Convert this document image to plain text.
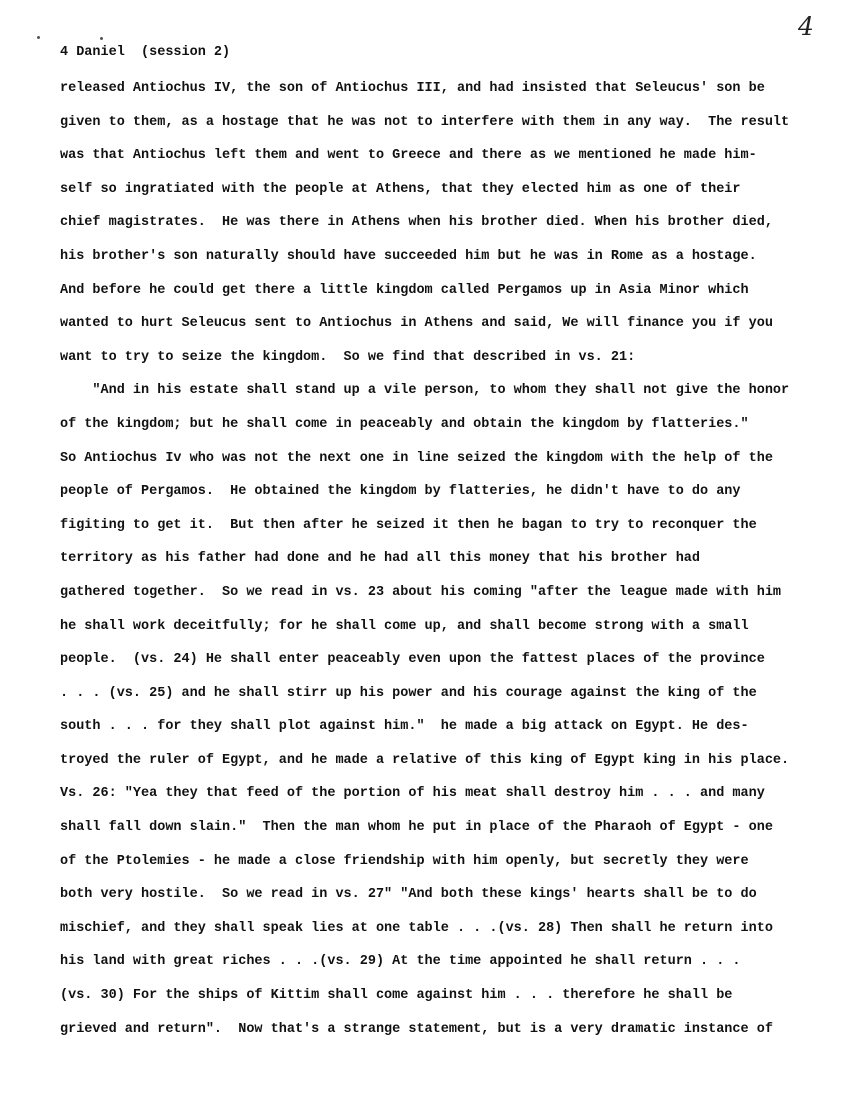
4
4 Daniel  (session 2)
released Antiochus IV, the son of Antiochus III, and had insisted that Seleucus' son be
given to them, as a hostage that he was not to interfere with them in any way.  The result
was that Antiochus left them and went to Greece and there as we mentioned he made him-
self so ingratiated with the people at Athens, that they elected him as one of their
chief magistrates.  He was there in Athens when his brother died. When his brother died,
his brother's son naturally should have succeeded him but he was in Rome as a hostage.
And before he could get there a little kingdom called Pergamos up in Asia Minor which
wanted to hurt Seleucus sent to Antiochus in Athens and said, We will finance you if you
want to try to seize the kingdom.  So we find that described in vs. 21:
"And in his estate shall stand up a vile person, to whom they shall not give the honor
of the kingdom; but he shall come in peaceably and obtain the kingdom by flatteries."
So Antiochus Iv who was not the next one in line seized the kingdom with the help of the
people of Pergamos.  He obtained the kingdom by flatteries, he didn't have to do any
figiting to get it.  But then after he seized it then he bagan to try to reconquer the
territory as his father had done and he had all this money that his brother had
gathered together.  So we read in vs. 23 about his coming "after the league made with him
he shall work deceitfully; for he shall come up, and shall become strong with a small
people.  (vs. 24) He shall enter peaceably even upon the fattest places of the province
. . . (vs. 25) and he shall stirr up his power and his courage against the king of the
south . . . for they shall plot against him."  he made a big attack on Egypt. He des-
troyed the ruler of Egypt, and he made a relative of this king of Egypt king in his place.
Vs. 26: "Yea they that feed of the portion of his meat shall destroy him . . . and many
shall fall down slain."  Then the man whom he put in place of the Pharaoh of Egypt - one
of the Ptolemies - he made a close friendship with him openly, but secretly they were
both very hostile.  So we read in vs. 27" "And both these kings' hearts shall be to do
mischief, and they shall speak lies at one table . . .(vs. 28) Then shall he return into
his land with great riches . . .(vs. 29) At the time appointed he shall return . . .
(vs. 30) For the ships of Kittim shall come against him . . . therefore he shall be
grieved and return".  Now that's a strange statement, but is a very dramatic instance of
